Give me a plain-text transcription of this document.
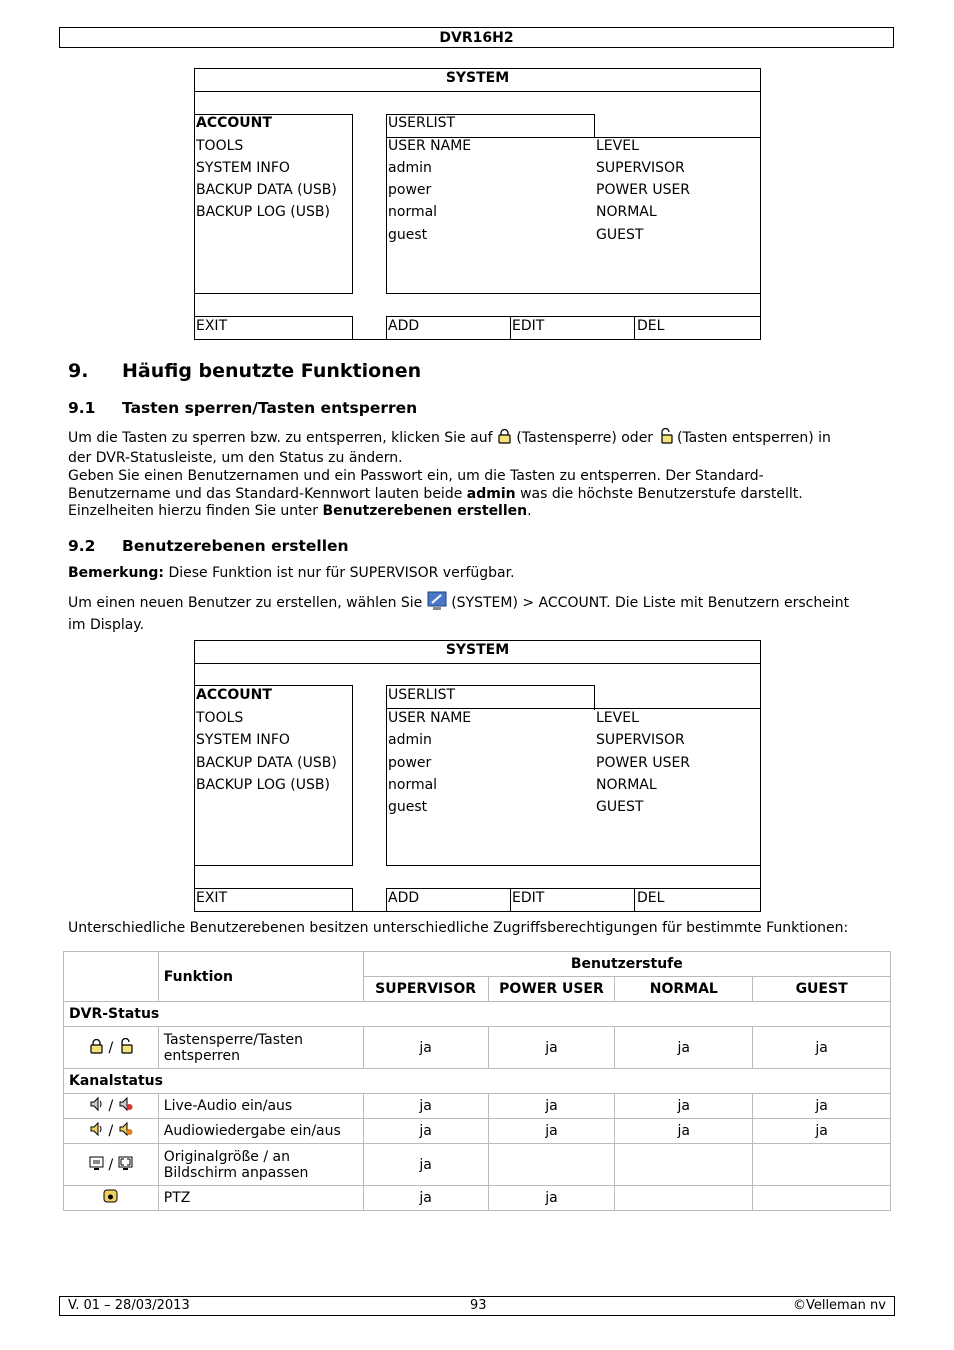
DVR16H2
SYSTEM
ACCOUNT
TOOLS
SYSTEM INFO
BACKUP DATA (USB)
BACKUP LOG (USB)
USERLIST
USER NAME	LEVEL
admin	SUPERVISOR
power	POWER USER
normal	NORMAL
guest	GUEST
EXIT	ADD	EDIT	DEL
9. Häufig benutzte Funktionen
9.1 Tasten sperren/Tasten entsperren
Um die Tasten zu sperren bzw. zu entsperren, klicken Sie auf (Tastensperre) oder (Tasten entsperren) in
der DVR-Statusleiste, um den Status zu ändern.
Geben Sie einen Benutzernamen und ein Passwort ein, um die Tasten zu entsperren. Der Standard-
Benutzername und das Standard-Kennwort lauten beide admin was die höchste Benutzerstufe darstellt.
Einzelheiten hierzu finden Sie unter Benutzerebenen erstellen.
9.2 Benutzerebenen erstellen
Bemerkung: Diese Funktion ist nur für SUPERVISOR verfügbar.
Um einen neuen Benutzer zu erstellen, wählen Sie (SYSTEM) > ACCOUNT. Die Liste mit Benutzern erscheint
im Display.
SYSTEM
ACCOUNT
TOOLS
SYSTEM INFO
BACKUP DATA (USB)
BACKUP LOG (USB)
USERLIST
USER NAME	LEVEL
admin	SUPERVISOR
power	POWER USER
normal	NORMAL
guest	GUEST
EXIT	ADD	EDIT	DEL
Unterschiedliche Benutzerebenen besitzen unterschiedliche Zugriffsberechtigungen für bestimmte Funktionen:
	Funktion	Benutzerstufe			
		SUPERVISOR	POWER USER	NORMAL	GUEST
DVR-Status					
/	Tastensperre/Tasten entsperren	ja	ja	ja	ja
Kanalstatus					
/	Live-Audio ein/aus	ja	ja	ja	ja
/	Audiowiedergabe ein/aus	ja	ja	ja	ja
/	Originalgröße / an Bildschirm anpassen	ja			
	PTZ	ja	ja		
V. 01 – 28/03/2013	93	©Velleman nv
